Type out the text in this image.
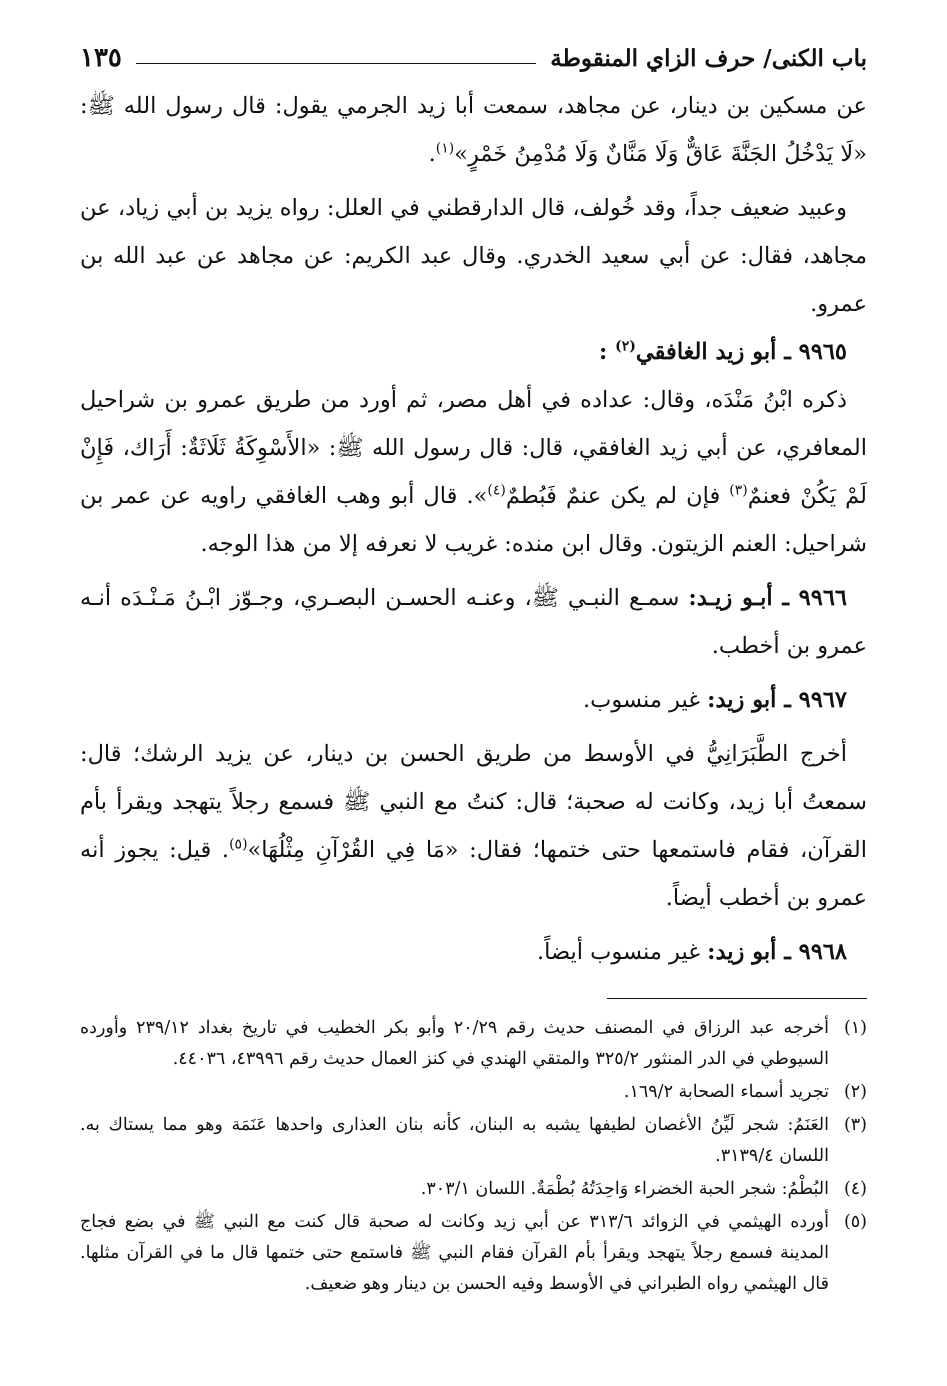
باب الكنى/ حرف الزاي المنقوطة
١٣٥

عن مسكين بن دينار، عن مجاهد، سمعت أبا زيد الجرمي يقول: قال رسول الله ﷺ: «لَا يَدْخُلُ الجَنَّةَ عَاقٌّ وَلَا مَنَّانٌ وَلَا مُدْمِنُ خَمْرٍ»$^{(١)}$.

وعبيد ضعيف جداً، وقد خُولف، قال الدارقطني في العلل: رواه يزيد بن أبي زياد، عن مجاهد، فقال: عن أبي سعيد الخدري. وقال عبد الكريم: عن مجاهد عن عبد الله بن عمرو.

٩٩٦٥ ـ أبو زيد الغافقي$^{(٢)}$ :

ذكره ابْنُ مَنْدَه، وقال: عداده في أهل مصر، ثم أورد من طريق عمرو بن شراحيل المعافري، عن أبي زيد الغافقي، قال: قال رسول الله ﷺ: «الأَسْوِكَةُ ثَلَاثَةٌ: أَرَاك، فَإِنْ لَمْ يَكُنْ فعنمٌ$^{(٣)}$ فإن لم يكن عنمٌ فَبُطمٌ$^{(٤)}$». قال أبو وهب الغافقي راويه عن عمر بن شراحيل: العنم الزيتون. وقال ابن منده: غريب لا نعرفه إلا من هذا الوجه.

٩٩٦٦ ـ أبـو زيـد: سمـع النبـي ﷺ، وعنـه الحسـن البصـري، وجـوّز ابْـنُ مَـنْـدَه أنـه عمرو بن أخطب.

٩٩٦٧ ـ أبو زيد: غير منسوب.

أخرج الطَّبَرَانِيُّ في الأوسط من طريق الحسن بن دينار، عن يزيد الرشك؛ قال: سمعتُ أبا زيد، وكانت له صحبة؛ قال: كنتُ مع النبي ﷺ فسمع رجلاً يتهجد ويقرأ بأم القرآن، فقام فاستمعها حتى ختمها؛ فقال: «مَا فِي القُرْآنِ مِثْلُهَا»$^{(٥)}$. قيل: يجوز أنه عمرو بن أخطب أيضاً.

٩٩٦٨ ـ أبو زيد: غير منسوب أيضاً.

(١)
أخرجه عبد الرزاق في المصنف حديث رقم ٢٠/٢٩ وأبو بكر الخطيب في تاريخ بغداد ٢٣٩/١٢ وأورده السيوطي في الدر المنثور ٣٢٥/٢ والمتقي الهندي في كنز العمال حديث رقم ٤٣٩٩٦، ٤٤٠٣٦.
(٢)
تجريد أسماء الصحابة ١٦٩/٢.
(٣)
العَنَمُ: شجر لَيِّنُ الأغصان لطيفها يشبه به البنان، كأنه بنان العذارى واحدها عَنَمَة وهو مما يستاك به. اللسان ٣١٣٩/٤.
(٤)
البُطْمُ: شجر الحبة الخضراء وَاحِدَتُهُ بُطْمَةٌ. اللسان ٣٠٣/١.
(٥)
أورده الهيثمي في الزوائد ٣١٣/٦ عن أبي زيد وكانت له صحبة قال كنت مع النبي ﷺ في بضع فجاج المدينة فسمع رجلاً يتهجد ويقرأ بأم القرآن فقام النبي ﷺ فاستمع حتى ختمها قال ما في القرآن مثلها. قال الهيثمي رواه الطبراني في الأوسط وفيه الحسن بن دينار وهو ضعيف.
